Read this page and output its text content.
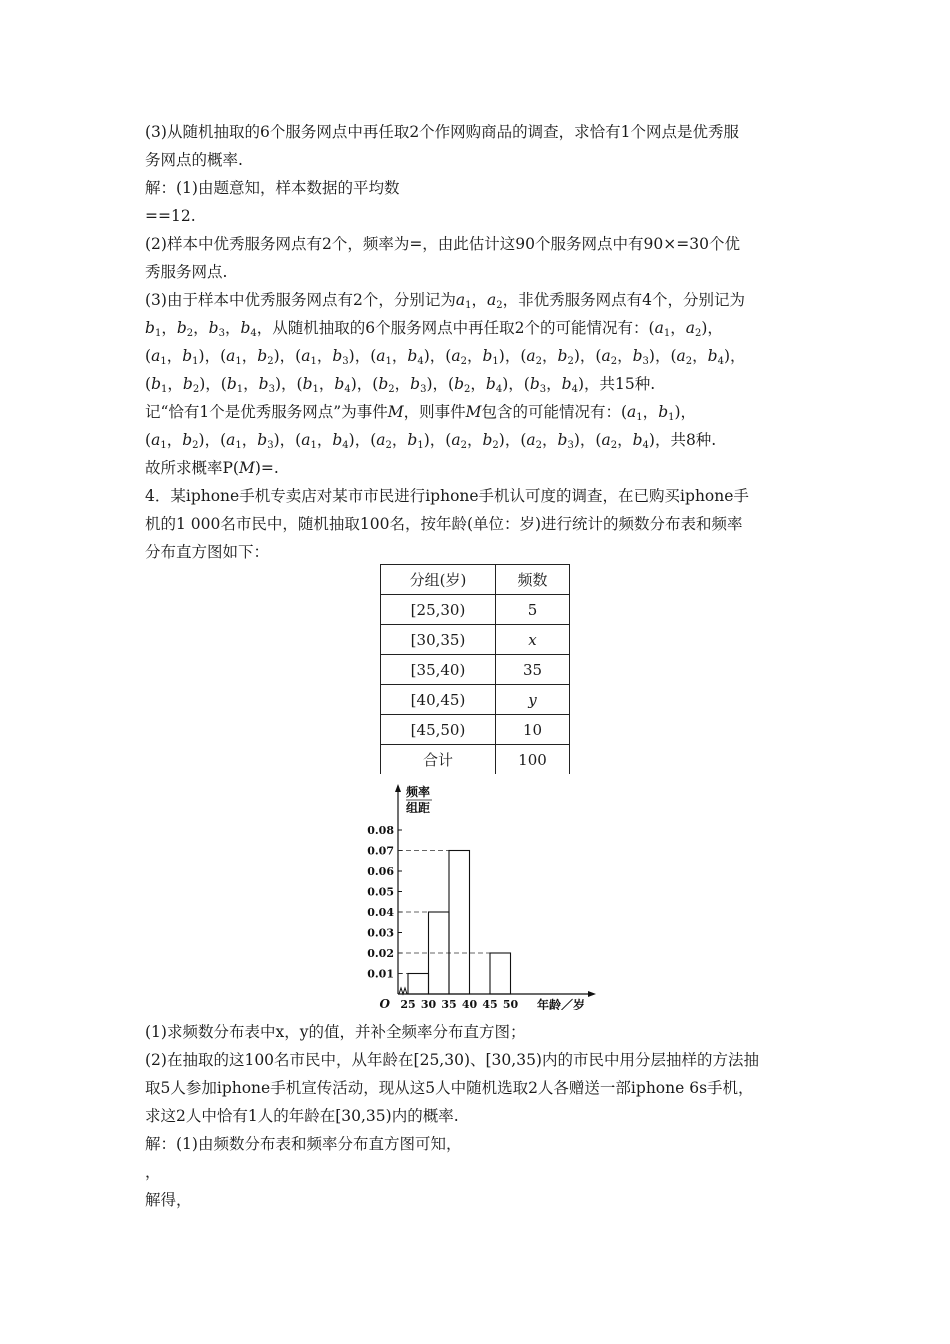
(3)从随机抽取的6个服务网点中再任取2个作网购商品的调查，求恰有1个网点是优秀服
务网点的概率.
解：(1)由题意知，样本数据的平均数
==12.
(2)样本中优秀服务网点有2个，频率为=，由此估计这90个服务网点中有90×=30个优
秀服务网点.
(3)由于样本中优秀服务网点有2个，分别记为$a_1$，$a_2$，非优秀服务网点有4个，分别记为
$b_1$，$b_2$，$b_3$，$b_4$，从随机抽取的6个服务网点中再任取2个的可能情况有：($a_1$，$a_2$)，
($a_1$，$b_1$)，($a_1$，$b_2$)，($a_1$，$b_3$)，($a_1$，$b_4$)，($a_2$，$b_1$)，($a_2$，$b_2$)，($a_2$，$b_3$)，($a_2$，$b_4$)，
($b_1$，$b_2$)，($b_1$，$b_3$)，($b_1$，$b_4$)，($b_2$，$b_3$)，($b_2$，$b_4$)，($b_3$，$b_4$)，共15种.
记“恰有1个是优秀服务网点”为事件M，则事件M包含的可能情况有：($a_1$，$b_1$)，
($a_1$，$b_2$)，($a_1$，$b_3$)，($a_1$，$b_4$)，($a_2$，$b_1$)，($a_2$，$b_2$)，($a_2$，$b_3$)，($a_2$，$b_4$)，共8种.
故所求概率P(M)=.
4．某iphone手机专卖店对某市市民进行iphone手机认可度的调查，在已购买iphone手
机的1 000名市民中，随机抽取100名，按年龄(单位：岁)进行统计的频数分布表和频率
分布直方图如下：
分组(岁)	频数
[25,30)	5
[30,35)	x
[35,40)	35
[40,45)	y
[45,50)	10
合计	100
频率
组距
0.01
0.02
0.03
0.04
0.05
0.06
0.07
0.08
25 30 35 40 45 50
O	年龄／岁
(1)求频数分布表中x，y的值，并补全频率分布直方图；
(2)在抽取的这100名市民中，从年龄在[25,30)、[30,35)内的市民中用分层抽样的方法抽
取5人参加iphone手机宣传活动，现从这5人中随机选取2人各赠送一部iphone 6s手机，
求这2人中恰有1人的年龄在[30,35)内的概率.
解：(1)由频数分布表和频率分布直方图可知，
，
解得，
